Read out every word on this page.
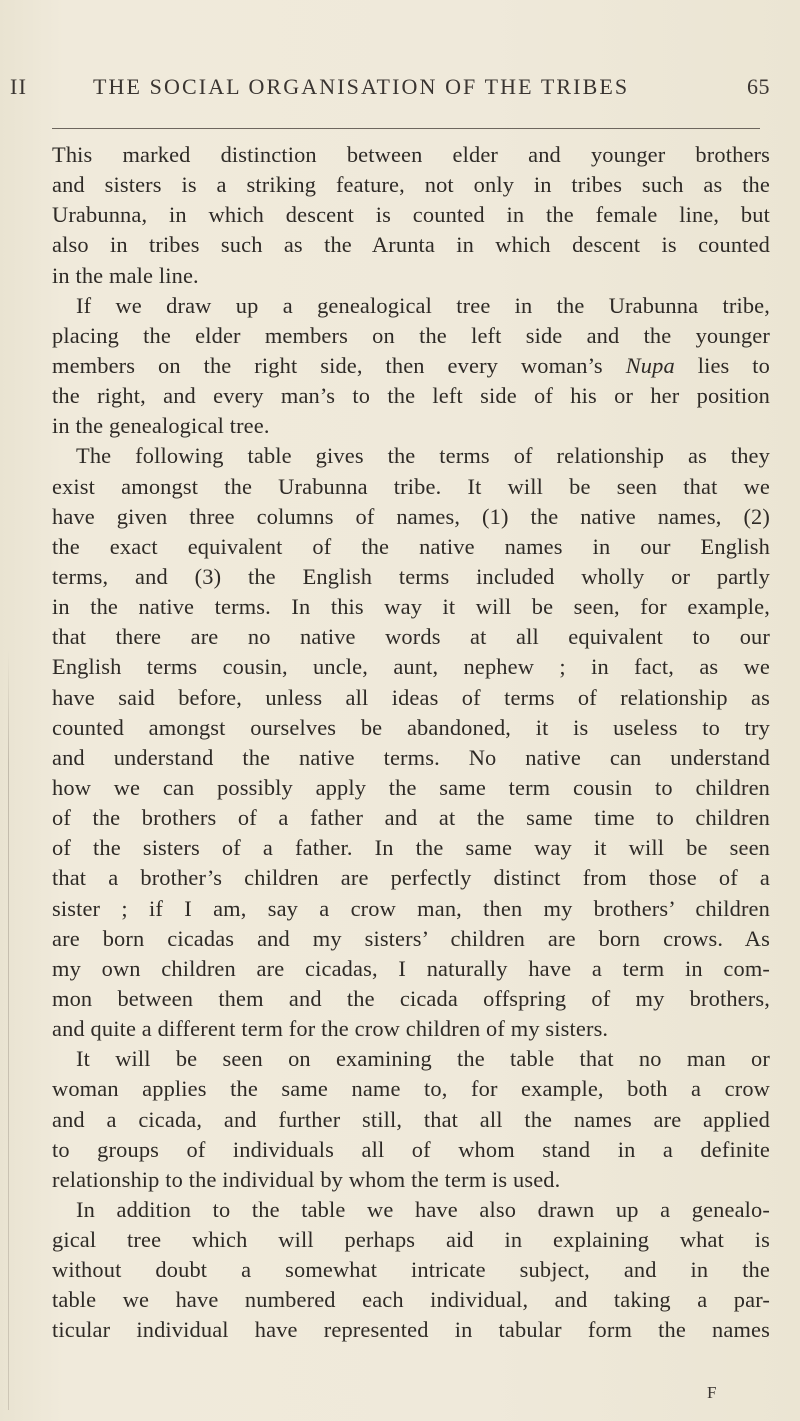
II	THE SOCIAL ORGANISATION OF THE TRIBES	65
This marked distinction between elder and younger brothers
and sisters is a striking feature, not only in tribes such as the
Urabunna, in which descent is counted in the female line, but
also in tribes such as the Arunta in which descent is counted
in the male line.
If we draw up a genealogical tree in the Urabunna tribe,
placing the elder members on the left side and the younger
members on the right side, then every woman’s Nupa lies to
the right, and every man’s to the left side of his or her position
in the genealogical tree.
The following table gives the terms of relationship as they
exist amongst the Urabunna tribe. It will be seen that we
have given three columns of names, (1) the native names, (2)
the exact equivalent of the native names in our English
terms, and (3) the English terms included wholly or partly
in the native terms. In this way it will be seen, for example,
that there are no native words at all equivalent to our
English terms cousin, uncle, aunt, nephew ; in fact, as we
have said before, unless all ideas of terms of relationship as
counted amongst ourselves be abandoned, it is useless to try
and understand the native terms. No native can understand
how we can possibly apply the same term cousin to children
of the brothers of a father and at the same time to children
of the sisters of a father. In the same way it will be seen
that a brother’s children are perfectly distinct from those of a
sister ; if I am, say a crow man, then my brothers’ children
are born cicadas and my sisters’ children are born crows. As
my own children are cicadas, I naturally have a term in com-
mon between them and the cicada offspring of my brothers,
and quite a different term for the crow children of my sisters.
It will be seen on examining the table that no man or
woman applies the same name to, for example, both a crow
and a cicada, and further still, that all the names are applied
to groups of individuals all of whom stand in a definite
relationship to the individual by whom the term is used.
In addition to the table we have also drawn up a genealo-
gical tree which will perhaps aid in explaining what is
without doubt a somewhat intricate subject, and in the
table we have numbered each individual, and taking a par-
ticular individual have represented in tabular form the names
F
